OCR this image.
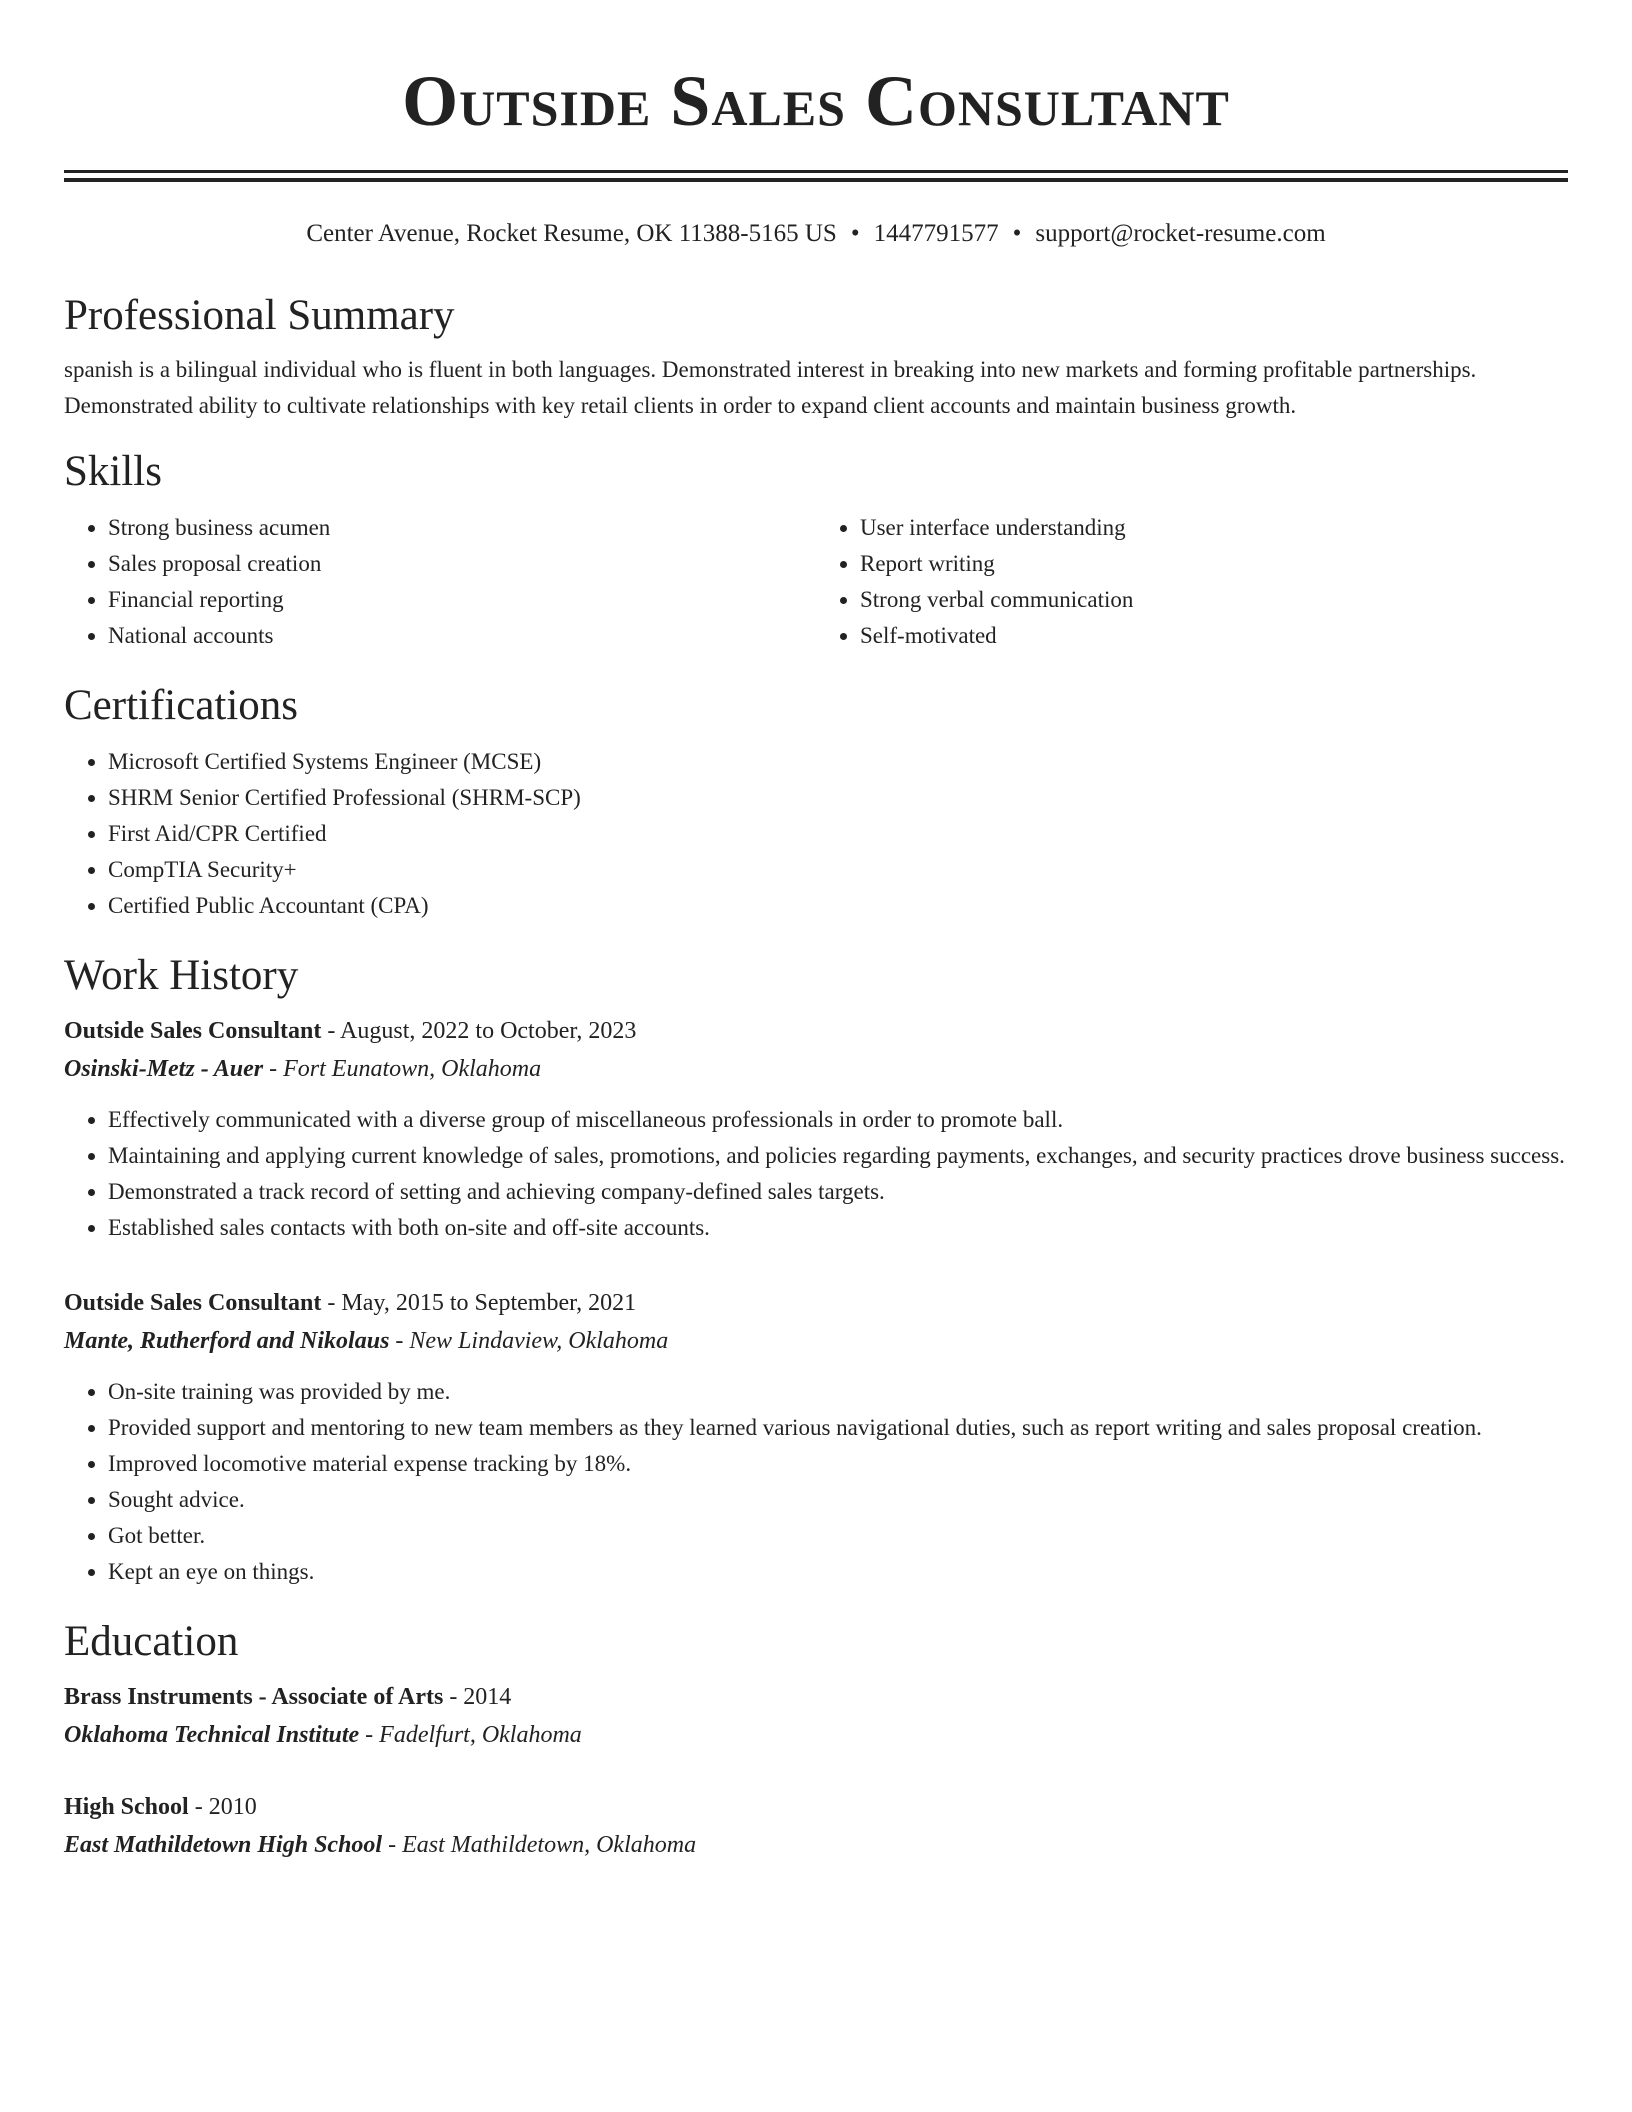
Outside Sales Consultant
Center Avenue, Rocket Resume, OK 11388-5165 US • 1447791577 • support@rocket-resume.com
Professional Summary
spanish is a bilingual individual who is fluent in both languages. Demonstrated interest in breaking into new markets and forming profitable partnerships. Demonstrated ability to cultivate relationships with key retail clients in order to expand client accounts and maintain business growth.
Skills
• Strong business acumen
• Sales proposal creation
• Financial reporting
• National accounts
• User interface understanding
• Report writing
• Strong verbal communication
• Self-motivated
Certifications
• Microsoft Certified Systems Engineer (MCSE)
• SHRM Senior Certified Professional (SHRM-SCP)
• First Aid/CPR Certified
• CompTIA Security+
• Certified Public Accountant (CPA)
Work History
Outside Sales Consultant - August, 2022 to October, 2023
Osinski-Metz - Auer - Fort Eunatown, Oklahoma
• Effectively communicated with a diverse group of miscellaneous professionals in order to promote ball.
• Maintaining and applying current knowledge of sales, promotions, and policies regarding payments, exchanges, and security practices drove business success.
• Demonstrated a track record of setting and achieving company-defined sales targets.
• Established sales contacts with both on-site and off-site accounts.
Outside Sales Consultant - May, 2015 to September, 2021
Mante, Rutherford and Nikolaus - New Lindaview, Oklahoma
• On-site training was provided by me.
• Provided support and mentoring to new team members as they learned various navigational duties, such as report writing and sales proposal creation.
• Improved locomotive material expense tracking by 18%.
• Sought advice.
• Got better.
• Kept an eye on things.
Education
Brass Instruments - Associate of Arts - 2014
Oklahoma Technical Institute - Fadelfurt, Oklahoma
High School - 2010
East Mathildetown High School - East Mathildetown, Oklahoma
